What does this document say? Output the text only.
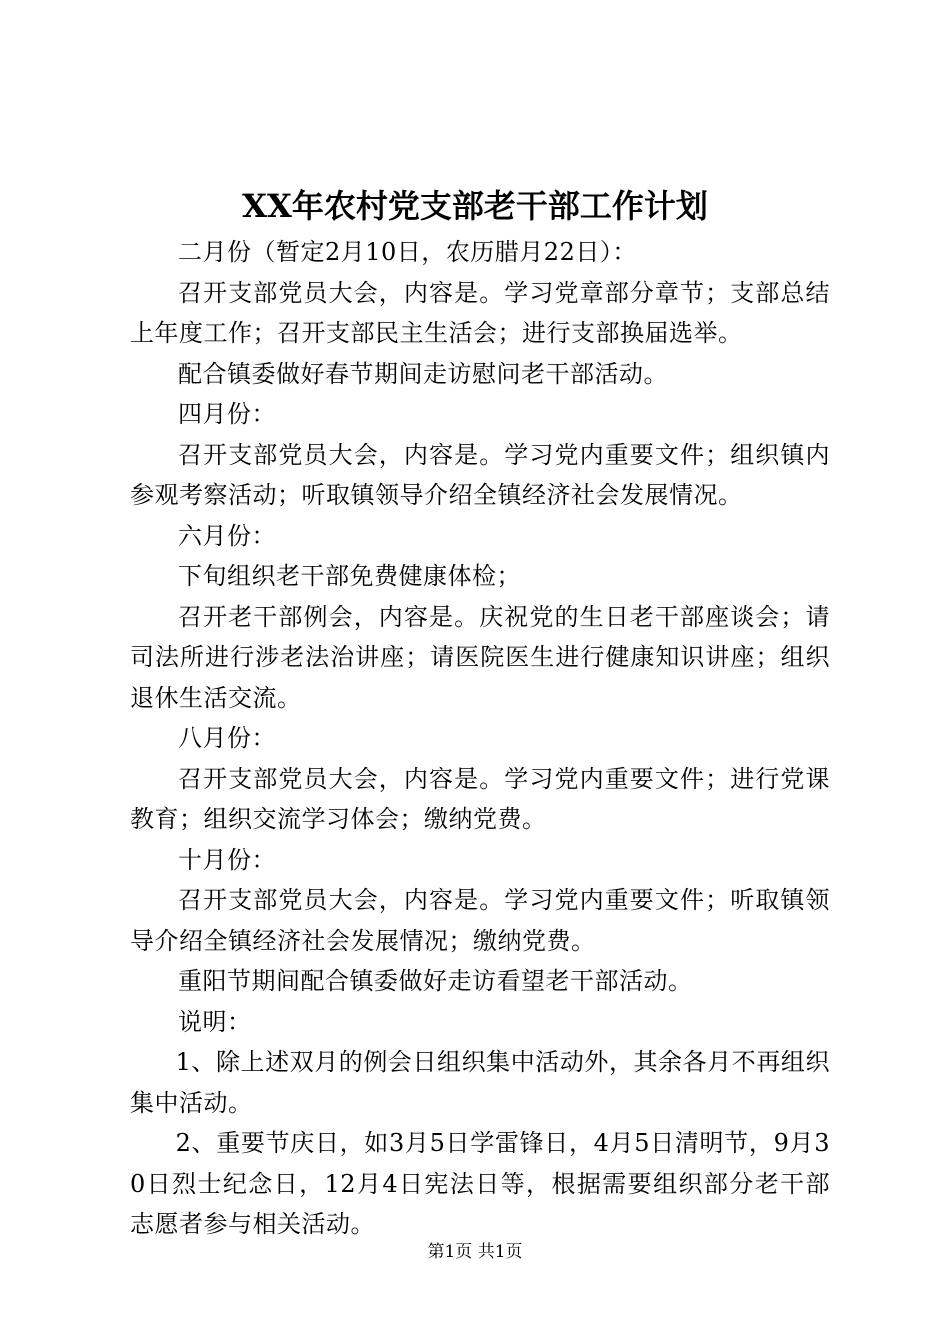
XX年农村党支部老干部工作计划

二月份（暂定2月10日，农历腊月22日）：

召开支部党员大会，内容是。学习党章部分章节；支部总结上年度工作；召开支部民主生活会；进行支部换届选举。

配合镇委做好春节期间走访慰问老干部活动。

四月份：

召开支部党员大会，内容是。学习党内重要文件；组织镇内参观考察活动；听取镇领导介绍全镇经济社会发展情况。

六月份：

下旬组织老干部免费健康体检；

召开老干部例会，内容是。庆祝党的生日老干部座谈会；请司法所进行涉老法治讲座；请医院医生进行健康知识讲座；组织退休生活交流。

八月份：

召开支部党员大会，内容是。学习党内重要文件；进行党课教育；组织交流学习体会；缴纳党费。

十月份：

召开支部党员大会，内容是。学习党内重要文件；听取镇领导介绍全镇经济社会发展情况；缴纳党费。

重阳节期间配合镇委做好走访看望老干部活动。

说明：

1、除上述双月的例会日组织集中活动外，其余各月不再组织集中活动。

2、重要节庆日，如3月5日学雷锋日，4月5日清明节，9月30日烈士纪念日，12月4日宪法日等，根据需要组织部分老干部志愿者参与相关活动。

第1页 共1页
